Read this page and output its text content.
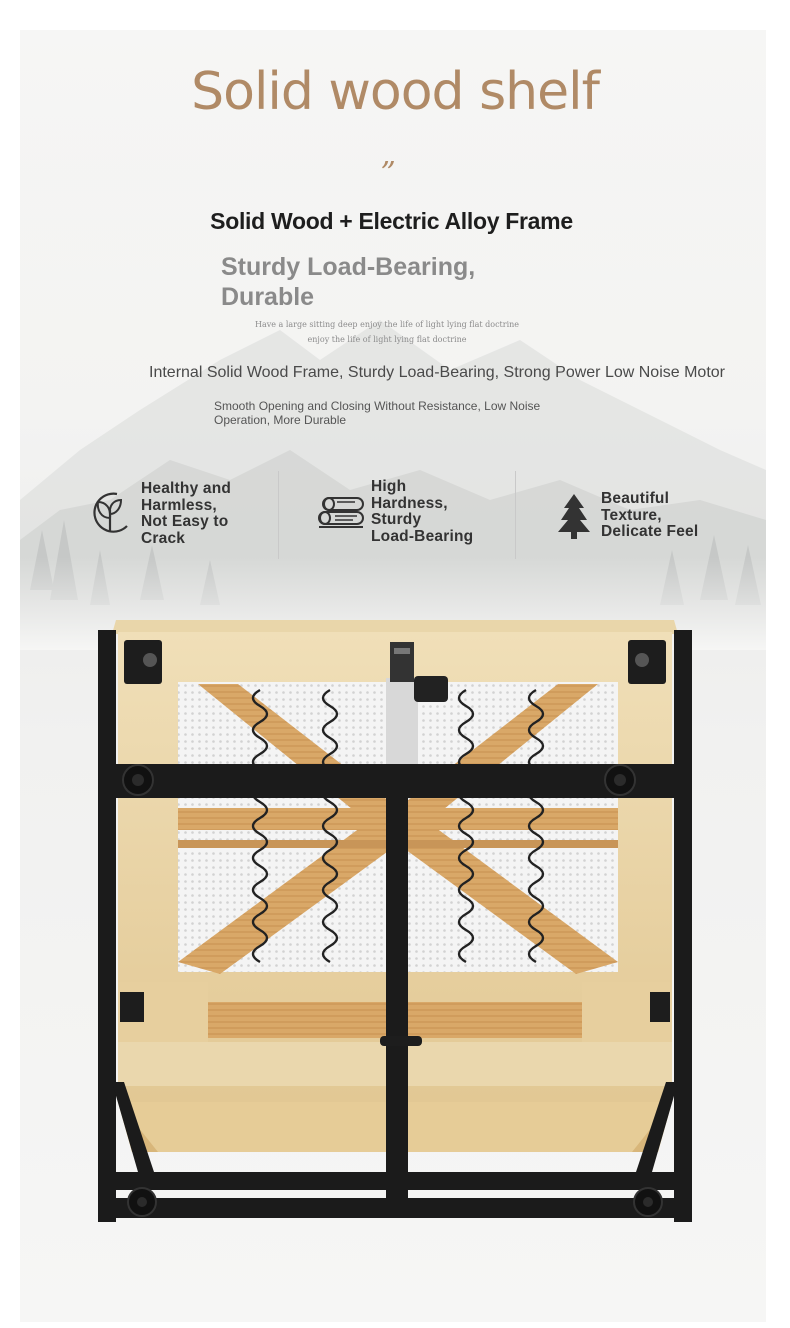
Solid wood shelf
”
Solid Wood + Electric Alloy Frame
Sturdy Load-Bearing,
Durable
Have a large sitting deep enjoy the life of light lying flat doctrine
enjoy the life of light lying flat doctrine
Internal Solid Wood Frame, Sturdy Load-Bearing, Strong Power Low Noise Motor
Smooth Opening and Closing Without Resistance, Low Noise
Operation, More Durable
Healthy and
Harmless,
Not Easy to
Crack
High
Hardness,
Sturdy
Load-Bearing
Beautiful
Texture,
Delicate Feel
